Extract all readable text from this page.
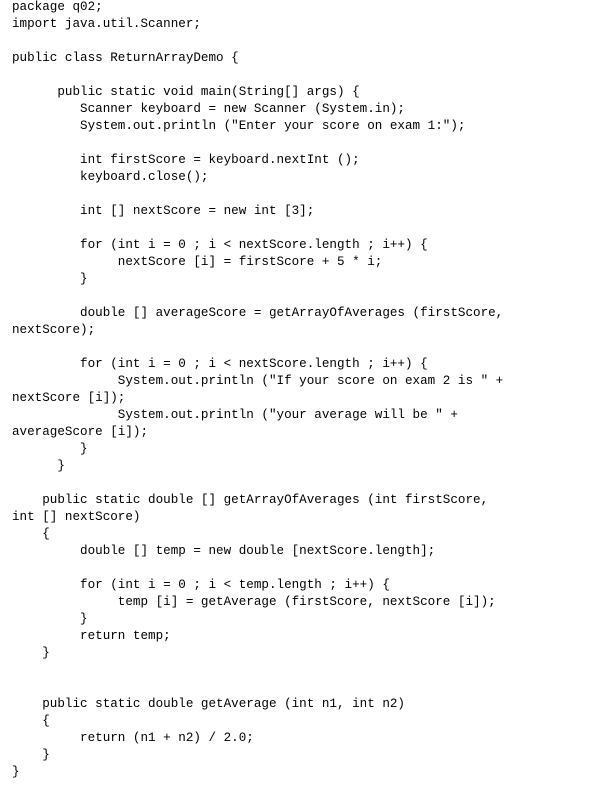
package q02;
import java.util.Scanner;
public class ReturnArrayDemo {
public static void main(String[] args) {
Scanner keyboard = new Scanner (System.in);
System.out.println ("Enter your score on exam 1:");
int firstScore = keyboard.nextInt ();
keyboard.close();
int [] nextScore = new int [3];
for (int i = 0 ; i < nextScore.length ; i++) {
nextScore [i] = firstScore + 5 * i;
}
double [] averageScore = getArrayOfAverages (firstScore,
nextScore);
for (int i = 0 ; i < nextScore.length ; i++) {
System.out.println ("If your score on exam 2 is " +
nextScore [i]);
System.out.println ("your average will be " +
averageScore [i]);
}
}
public static double [] getArrayOfAverages (int firstScore,
int [] nextScore)
{
double [] temp = new double [nextScore.length];
for (int i = 0 ; i < temp.length ; i++) {
temp [i] = getAverage (firstScore, nextScore [i]);
}
return temp;
}
public static double getAverage (int n1, int n2)
{
return (n1 + n2) / 2.0;
}
}
